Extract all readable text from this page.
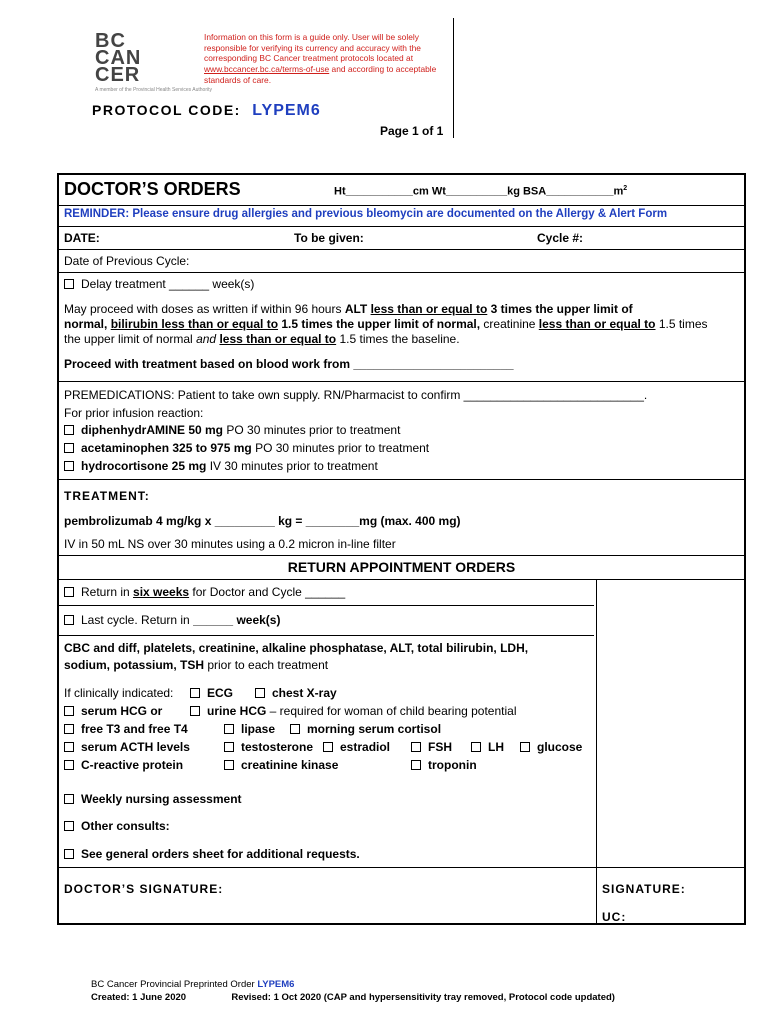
BC
CAN
CER
A member of the Provincial Health Services Authority
Information on this form is a guide only. User will be solely responsible for verifying its currency and accuracy with the corresponding BC Cancer treatment protocols located at www.bccancer.bc.ca/terms-of-use and according to acceptable standards of care.
PROTOCOL CODE: LYPEM6
Page 1 of 1
DOCTOR’S ORDERS	Ht___________cm Wt__________kg $BSA\_\_\_\_\_\_\_\_\_\_\_m^2$
REMINDER: Please ensure drug allergies and previous bleomycin are documented on the Allergy & Alert Form
DATE:	To be given:	Cycle #:
Date of Previous Cycle:
Delay treatment ______ week(s)
May proceed with doses as written if within 96 hours ALT less than or equal to 3 times the upper limit of
normal, bilirubin less than or equal to 1.5 times the upper limit of normal, creatinine less than or equal to 1.5 times
the upper limit of normal and less than or equal to 1.5 times the baseline.
Proceed with treatment based on blood work from ________________________
PREMEDICATIONS: Patient to take own supply. RN/Pharmacist to confirm ___________________________.
For prior infusion reaction:
diphenhydrAMINE 50 mg PO 30 minutes prior to treatment
acetaminophen 325 to 975 mg PO 30 minutes prior to treatment
hydrocortisone 25 mg IV 30 minutes prior to treatment
TREATMENT:
pembrolizumab 4 mg/kg x _________ kg = ________mg (max. 400 mg)
IV in 50 mL NS over 30 minutes using a 0.2 micron in-line filter
RETURN APPOINTMENT ORDERS
Return in six weeks for Doctor and Cycle ______
Last cycle. Return in ______ week(s)
CBC and diff, platelets, creatinine, alkaline phosphatase, ALT, total bilirubin, LDH,
sodium, potassium, TSH prior to each treatment
If clinically indicated:	ECG	chest X-ray
serum HCG or	urine HCG – required for woman of child bearing potential
free T3 and free T4	lipase	morning serum cortisol
serum ACTH levels	testosterone	estradiol	FSH	LH	glucose
C-reactive protein	creatinine kinase	troponin
Weekly nursing assessment
Other consults:
See general orders sheet for additional requests.
DOCTOR’S SIGNATURE:	SIGNATURE:
UC:
BC Cancer Provincial Preprinted Order LYPEM6
Created: 1 June 2020	Revised: 1 Oct 2020 (CAP and hypersensitivity tray removed, Protocol code updated)
